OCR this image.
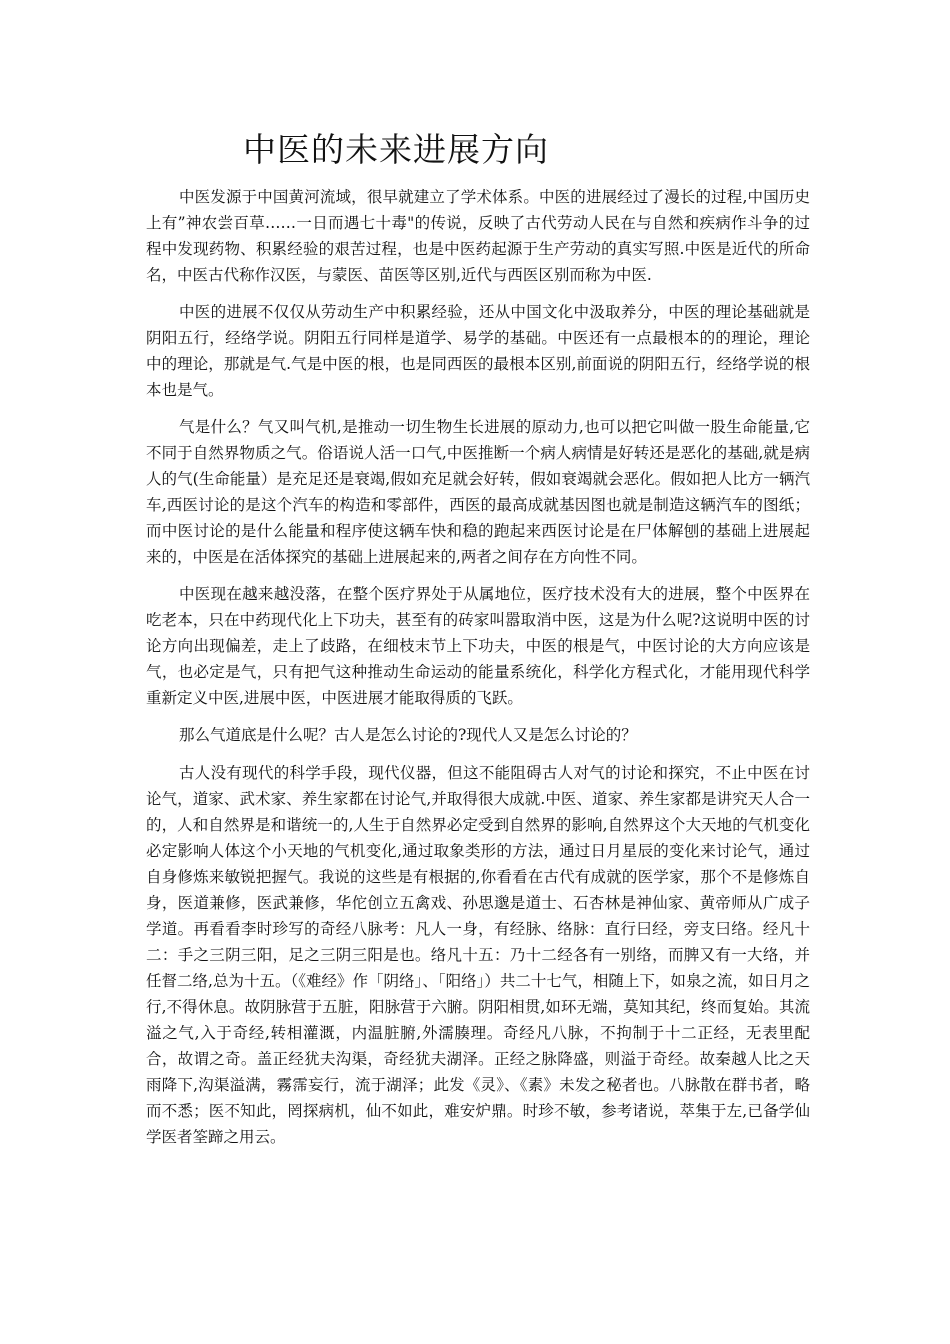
中医的未来进展方向

中医发源于中国黄河流域，很早就建立了学术体系。中医的进展经过了漫长的过程,中国历史上有”神农尝百草……一日而遇七十毒"的传说，反映了古代劳动人民在与自然和疾病作斗争的过程中发现药物、积累经验的艰苦过程，也是中医药起源于生产劳动的真实写照.中医是近代的所命名，中医古代称作汉医，与蒙医、苗医等区别,近代与西医区别而称为中医.

中医的进展不仅仅从劳动生产中积累经验，还从中国文化中汲取养分，中医的理论基础就是阴阳五行，经络学说。阴阳五行同样是道学、易学的基础。中医还有一点最根本的的理论，理论中的理论，那就是气.气是中医的根，也是同西医的最根本区别,前面说的阴阳五行，经络学说的根本也是气。

气是什么？气又叫气机,是推动一切生物生长进展的原动力,也可以把它叫做一股生命能量,它不同于自然界物质之气。俗语说人活一口气,中医推断一个病人病情是好转还是恶化的基础,就是病人的气(生命能量）是充足还是衰竭,假如充足就会好转，假如衰竭就会恶化。假如把人比方一辆汽车,西医讨论的是这个汽车的构造和零部件，西医的最高成就基因图也就是制造这辆汽车的图纸；而中医讨论的是什么能量和程序使这辆车快和稳的跑起来西医讨论是在尸体解刨的基础上进展起来的，中医是在活体探究的基础上进展起来的,两者之间存在方向性不同。

中医现在越来越没落，在整个医疗界处于从属地位，医疗技术没有大的进展，整个中医界在吃老本，只在中药现代化上下功夫，甚至有的砖家叫嚣取消中医，这是为什么呢?这说明中医的讨论方向出现偏差，走上了歧路，在细枝末节上下功夫，中医的根是气，中医讨论的大方向应该是气，也必定是气，只有把气这种推动生命运动的能量系统化，科学化方程式化，才能用现代科学重新定义中医,进展中医，中医进展才能取得质的飞跃。

那么气道底是什么呢？古人是怎么讨论的?现代人又是怎么讨论的？

古人没有现代的科学手段，现代仪器，但这不能阻碍古人对气的讨论和探究，不止中医在讨论气，道家、武术家、养生家都在讨论气,并取得很大成就.中医、道家、养生家都是讲究天人合一的，人和自然界是和谐统一的,人生于自然界必定受到自然界的影响,自然界这个大天地的气机变化必定影响人体这个小天地的气机变化,通过取象类形的方法，通过日月星辰的变化来讨论气，通过自身修炼来敏锐把握气。我说的这些是有根据的,你看看在古代有成就的医学家，那个不是修炼自身，医道兼修，医武兼修，华佗创立五禽戏、孙思邈是道士、石杏林是神仙家、黄帝师从广成子学道。再看看李时珍写的奇经八脉考：凡人一身，有经脉、络脉：直行曰经，旁支曰络。经凡十二：手之三阴三阳，足之三阴三阳是也。络凡十五：乃十二经各有一别络，而脾又有一大络，并任督二络,总为十五。（《难经》作「阴络」、「阳络」）共二十七气，相随上下，如泉之流，如日月之行,不得休息。故阴脉营于五脏，阳脉营于六腑。阴阳相贯,如环无端，莫知其纪，终而复始。其流溢之气,入于奇经,转相灌溉，内温脏腑,外濡腠理。奇经凡八脉，不拘制于十二正经，无表里配合，故谓之奇。盖正经犹夫沟渠，奇经犹夫湖泽。正经之脉降盛，则溢于奇经。故秦越人比之天雨降下,沟渠溢满，霧霈妄行，流于湖泽；此发《灵》、《素》未发之秘者也。八脉散在群书者，略而不悉；医不知此，罔探病机，仙不如此，难安炉鼎。时珍不敏，参考诸说，萃集于左,已备学仙学医者筌蹄之用云。
